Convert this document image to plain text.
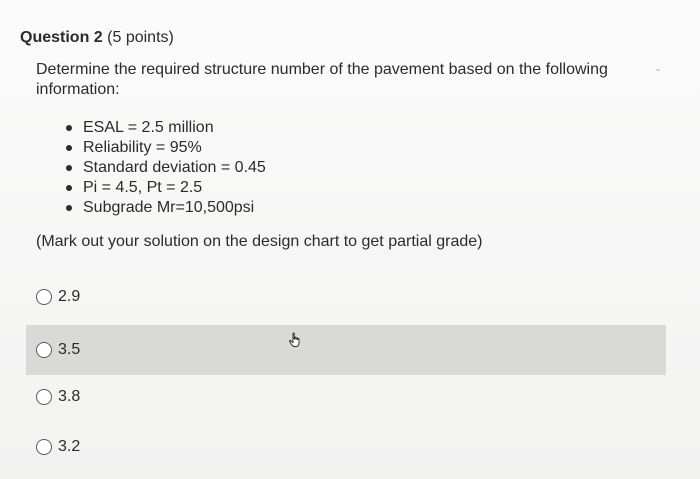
Question 2 (5 points)
Determine the required structure number of the pavement based on the following information:
-
ESAL = 2.5 million
Reliability = 95%
Standard deviation = 0.45
Pi = 4.5, Pt = 2.5
Subgrade Mr=10,500psi
(Mark out your solution on the design chart to get partial grade)
2.9
3.5
3.8
3.2
